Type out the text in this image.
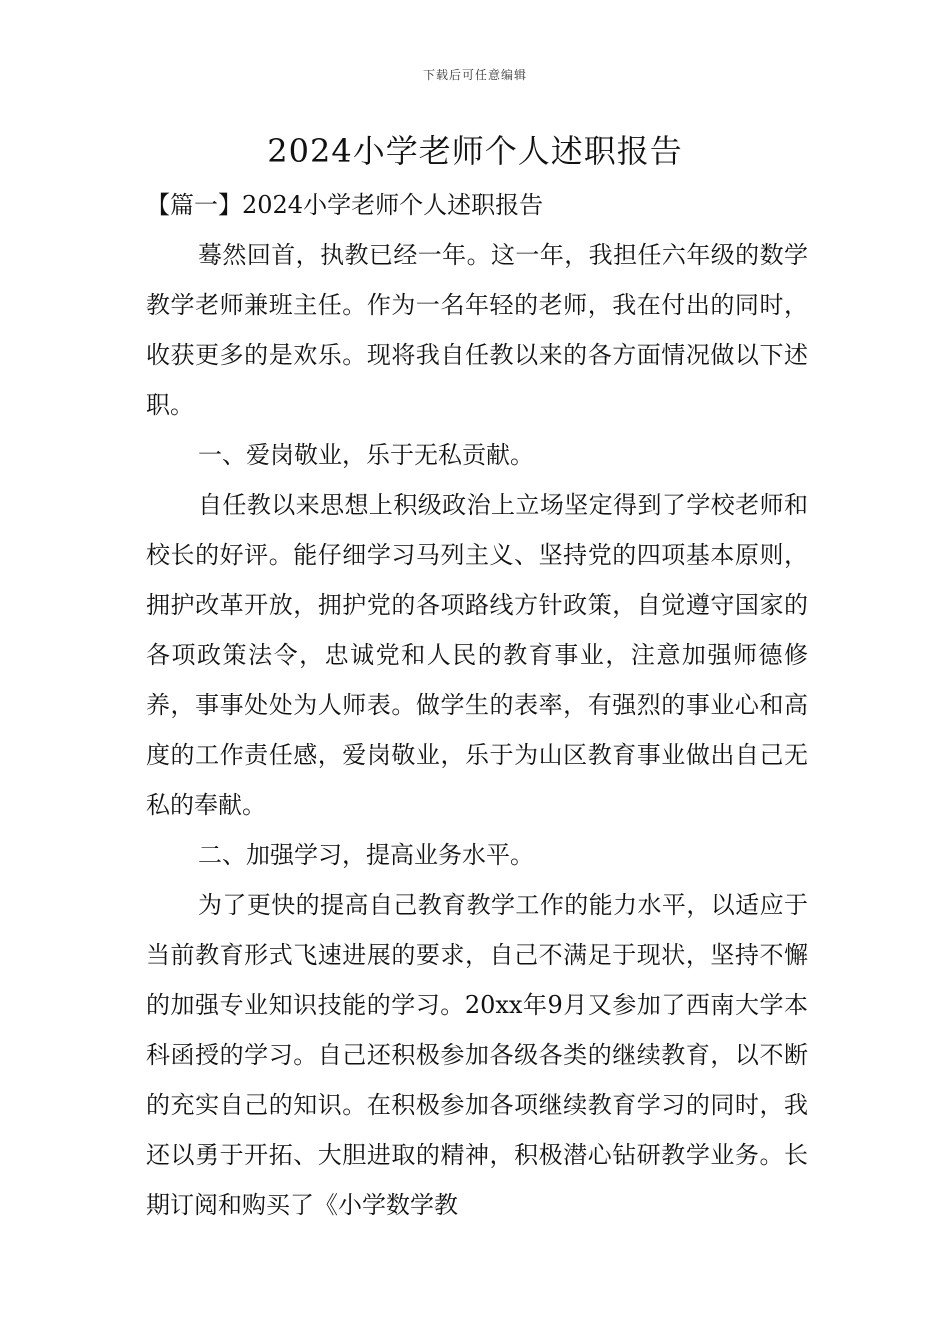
下载后可任意编辑
2024小学老师个人述职报告

【篇一】2024小学老师个人述职报告

蓦然回首，执教已经一年。这一年，我担任六年级的数学教学老师兼班主任。作为一名年轻的老师，我在付出的同时，收获更多的是欢乐。现将我自任教以来的各方面情况做以下述职。

一、爱岗敬业，乐于无私贡献。

自任教以来思想上积级政治上立场坚定得到了学校老师和校长的好评。能仔细学习马列主义、坚持党的四项基本原则，拥护改革开放，拥护党的各项路线方针政策，自觉遵守国家的各项政策法令，忠诚党和人民的教育事业，注意加强师德修养，事事处处为人师表。做学生的表率，有强烈的事业心和高度的工作责任感，爱岗敬业，乐于为山区教育事业做出自己无私的奉献。

二、加强学习，提高业务水平。

为了更快的提高自己教育教学工作的能力水平，以适应于当前教育形式飞速进展的要求，自己不满足于现状，坚持不懈的加强专业知识技能的学习。20xx年9月又参加了西南大学本科函授的学习。自己还积极参加各级各类的继续教育，以不断的充实自己的知识。在积极参加各项继续教育学习的同时，我还以勇于开拓、大胆进取的精神，积极潜心钻研教学业务。长期订阅和购买了《小学数学教
